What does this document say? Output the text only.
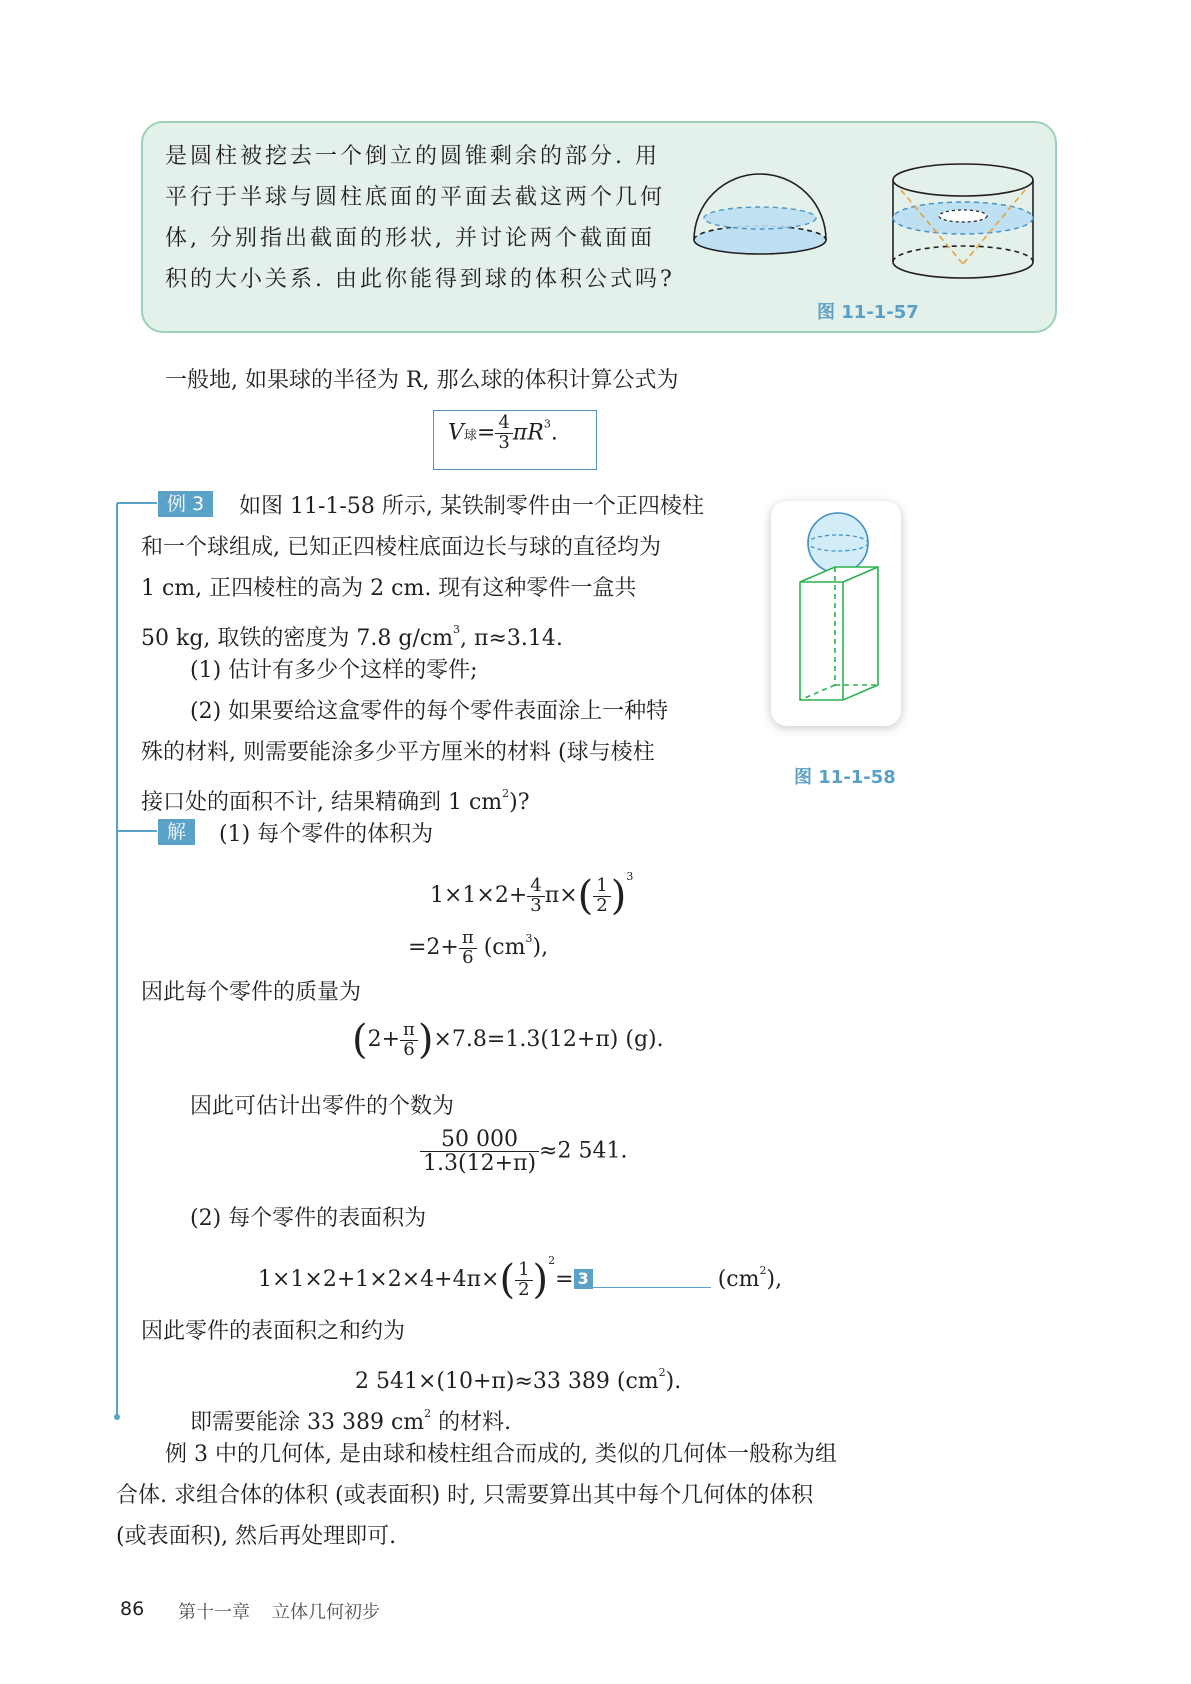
是圆柱被挖去一个倒立的圆锥剩余的部分. 用
平行于半球与圆柱底面的平面去截这两个几何
体, 分别指出截面的形状, 并讨论两个截面面
积的大小关系. 由此你能得到球的体积公式吗?
图 11-1-57
一般地, 如果球的半径为 R, 那么球的体积计算公式为
V球= $\frac{4}{3} \pi R^3$.
例 3	如图 11-1-58 所示, 某铁制零件由一个正四棱柱
和一个球组成, 已知正四棱柱底面边长与球的直径均为
1 cm, 正四棱柱的高为 2 cm. 现有这种零件一盒共
50 kg, 取铁的密度为 7.8 $g/cm^3$, π≈3.14.
(1) 估计有多少个这样的零件;
(2) 如果要给这盒零件的每个零件表面涂上一种特
殊的材料, 则需要能涂多少平方厘米的材料 (球与棱柱
接口处的面积不计, 结果精确到 1 $cm^2$)?
图 11-1-58
解	(1) 每个零件的体积为
$1\times 1\times 2+ \frac{4}{3} \pi\times( \frac{1}{2} )^3$
$=2+ \frac{\pi}{6} (cm^3)$,
因此每个零件的质量为
$(2+ \frac{\pi}{6} )\times 7.8=1.3(12+\pi)$ (g).
因此可估计出零件的个数为
$\frac{50 000}{1.3(12+\pi)} \approx 2$ 541.
(2) 每个零件的表面积为
$1\times 1\times 2+1\times 2\times 4+4\pi\times( \frac{1}{2} )^2= 3$	$(cm^2)$,
因此零件的表面积之和约为
2 541×(10+π)≈33 389 $(cm^2)$.
即需要能涂 33 389 $cm^2$ 的材料.
例 3 中的几何体, 是由球和棱柱组合而成的, 类似的几何体一般称为组
合体. 求组合体的体积 (或表面积) 时, 只需要算出其中每个几何体的体积
(或表面积), 然后再处理即可.
86 第十一章 立体几何初步
